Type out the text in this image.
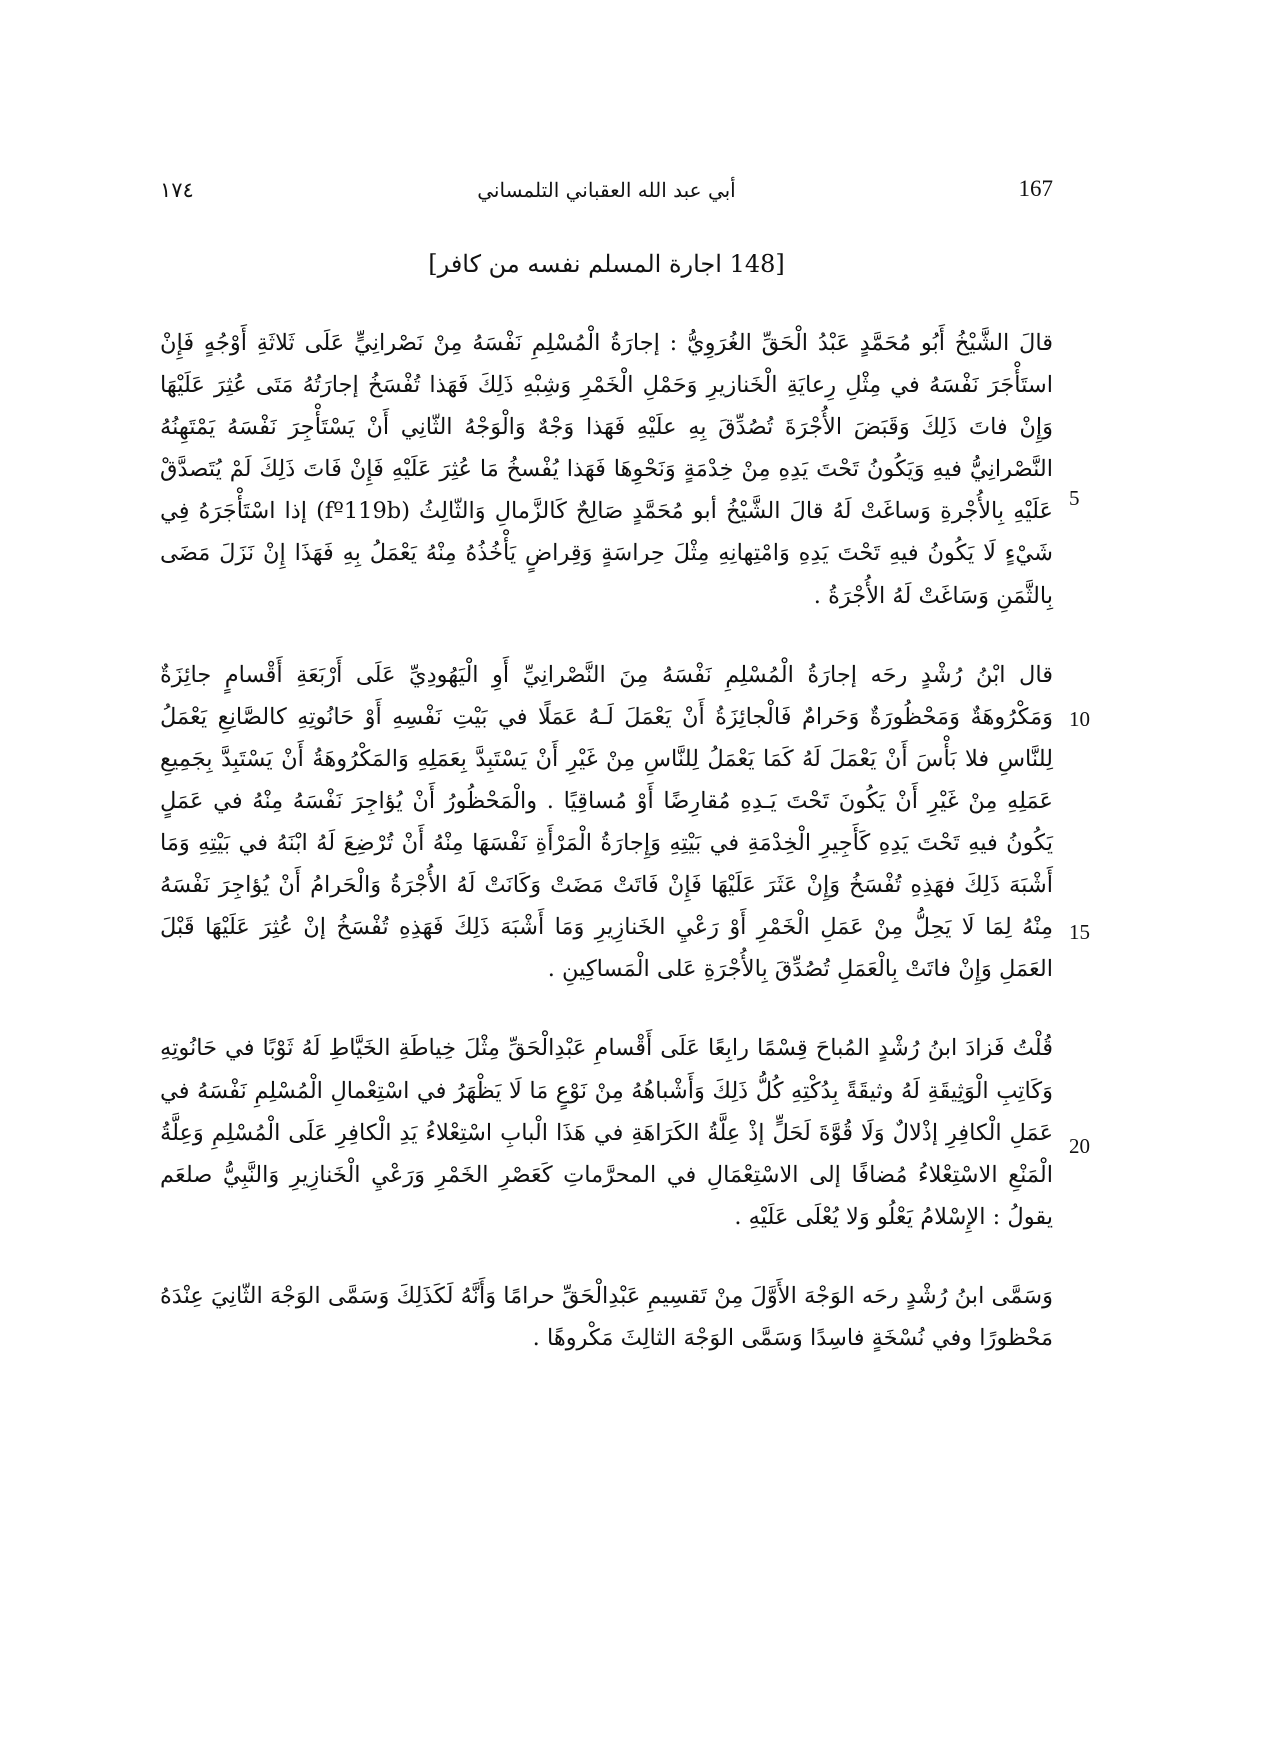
١٧٤	أبي عبد الله العقباني التلمساني	167
[148 اجارة المسلم نفسه من كافر]

قالَ الشَّيْخُ أَبُو مُحَمَّدٍ عَبْدُ الْحَقِّ الغُرَوِيُّ : إجارَةُ الْمُسْلِمِ نَفْسَهُ مِنْ نَصْرانِيٍّ عَلَى ثَلاثَةِ أَوْجُهٍ فَإِنْ استَأْجَرَ نَفْسَهُ في مِثْلِ رِعايَةِ الْخَنازيرِ وَحَمْلِ الْخَمْرِ وَشِبْهِ ذَلِكَ فَهَذا تُفْسَخُ إجارَتُهُ مَتَى عُثِرَ عَلَيْهَا وَإِنْ فاتَ ذَلِكَ وَقَبَضَ الأُجْرَةَ تُصُدِّقَ بِهِ علَيْهِ فَهَذا وَجْهٌ وَالْوَجْهُ الثّانِي أَنْ يَسْتَأْجِرَ نَفْسَهُ يَمْتَهِنُهُ النَّصْرانِيُّ فيهِ وَيَكُونُ تَحْتَ يَدِهِ مِنْ خِدْمَةٍ وَنَحْوِهَا فَهَذا يُفْسخُ مَا عُثِرَ عَلَيْهِ فَإِنْ فَاتَ ذَلِكَ لَمْ يُتَصدَّقْ عَلَيْهِ بِالأُجْرةِ وَساغَتْ لَهُ قالَ الشَّيْخُ أبو مُحَمَّدٍ صَالِحٌ كَالزَّمالِ وَالثّالِثُ (fº119b) إذا اسْتَأْجَرَهُ فِي شَيْءٍ لَا يَكُونُ فيهِ تَحْتَ يَدِهِ وَامْتِهانِهِ مِثْلَ حِراسَةٍ وَقِراضٍ يَأْخُذُهُ مِنْهُ يَعْمَلُ بِهِ فَهَذَا إِنْ نَزَلَ مَضَى بِالثَّمَنِ وَسَاغَتْ لَهُ الأُجْرَةُ .

قال ابْنُ رُشْدٍ رحَه إجارَةُ الْمُسْلِمِ نَفْسَهُ مِنَ النَّصْرانِيِّ أَوِ الْيَهُودِيِّ عَلَى أَرْبَعَةِ أَقْسامٍ جائِزَةٌ وَمَكْرُوهَةٌ وَمَحْظُورَةٌ وَحَرامٌ فَالْجائِزَةُ أَنْ يَعْمَلَ لَـهُ عَمَلًا في بَيْتِ نَفْسِهِ أَوْ حَانُوتِهِ كالصَّانِعِ يَعْمَلُ لِلنَّاسِ فلا بَأْسَ أَنْ يَعْمَلَ لَهُ كَمَا يَعْمَلُ لِلنَّاسِ مِنْ غَيْرِ أَنْ يَسْتَبِدَّ بِعَمَلِهِ وَالمَكْرُوهَةُ أَنْ يَسْتَبِدَّ بِجَمِيعِ عَمَلِهِ مِنْ غَيْرِ أَنْ يَكُونَ تَحْتَ يَـدِهِ مُقارِضًا أَوْ مُساقِيًا . والْمَحْظُورُ أَنْ يُؤاجِرَ نَفْسَهُ مِنْهُ في عَمَلٍ يَكُونُ فيهِ تَحْتَ يَدِهِ كَأَجِيرِ الْخِدْمَةِ في بَيْتِهِ وَإِجارَةُ الْمَرْأَةِ نَفْسَهَا مِنْهُ أَنْ تُرْضِعَ لَهُ ابْنَهُ في بَيْتِهِ وَمَا أَشْبَهَ ذَلِكَ فهَذِهِ تُفْسَخُ وَإِنْ عَثَرَ عَلَيْهَا فَإِنْ فَاتَتْ مَضَتْ وَكَانَتْ لَهُ الأُجْرَةُ وَالْحَرامُ أَنْ يُؤاجِرَ نَفْسَهُ مِنْهُ لِمَا لَا يَحِلُّ مِنْ عَمَلِ الْخَمْرِ أَوْ رَعْيِ الخَنازِيرِ وَمَا أَشْبَهَ ذَلِكَ فَهَذِهِ تُفْسَخُ إنْ عُثِرَ عَلَيْهَا قَبْلَ العَمَلِ وَإِنْ فاتَتْ بِالْعَمَلِ تُصُدِّقَ بِالأُجْرَةِ عَلى الْمَساكِينِ .

قُلْتُ فَزادَ ابنُ رُشْدٍ المُباحَ قِسْمًا رابِعًا عَلَى أَقْسامِ عَبْدِالْحَقِّ مِثْلَ خِياطَةِ الخَيَّاطِ لَهُ ثَوْبًا في حَانُوتِهِ وَكَاتِبِ الْوَثِيقَةِ لَهُ وثيقَةً بِدُكْتِهِ كُلُّ ذَلِكَ وَأَشْباهُهُ مِنْ نَوْعٍ مَا لَا يَظْهَرُ في اسْتِعْمالِ الْمُسْلِمِ نَفْسَهُ في عَمَلِ الْكافِرِ إذْلالٌ وَلَا قُوَّةَ لَحَلٍّ إذْ عِلَّةُ الكَرَاهَةِ في هَذَا الْبابِ اسْتِعْلاءُ يَدِ الْكافِرِ عَلَى الْمُسْلِمِ وَعِلَّةُ الْمَنْعِ الاسْتِعْلاءُ مُضافًا إلى الاسْتِعْمَالِ في المحرَّماتِ كَعَصْرِ الخَمْرِ وَرَعْيِ الْخَنازِيرِ وَالنَّبِيُّ صلعَم يقولُ : الإِسْلامُ يَعْلُو وَلا يُعْلَى عَلَيْهِ .

وَسَمَّى ابنُ رُشْدٍ رحَه الوَجْهَ الأَوَّلَ مِنْ تَقسِيمِ عَبْدِالْحَقِّ حرامًا وَأَنَّهُ لَكَذَلِكَ وَسَمَّى الوَجْهَ الثّانِيَ عِنْدَهُ مَحْظورًا وفي نُسْخَةٍ فاسِدًا وَسَمَّى الوَجْهَ الثالِثَ مَكْروهًا .

5
10
15
20
